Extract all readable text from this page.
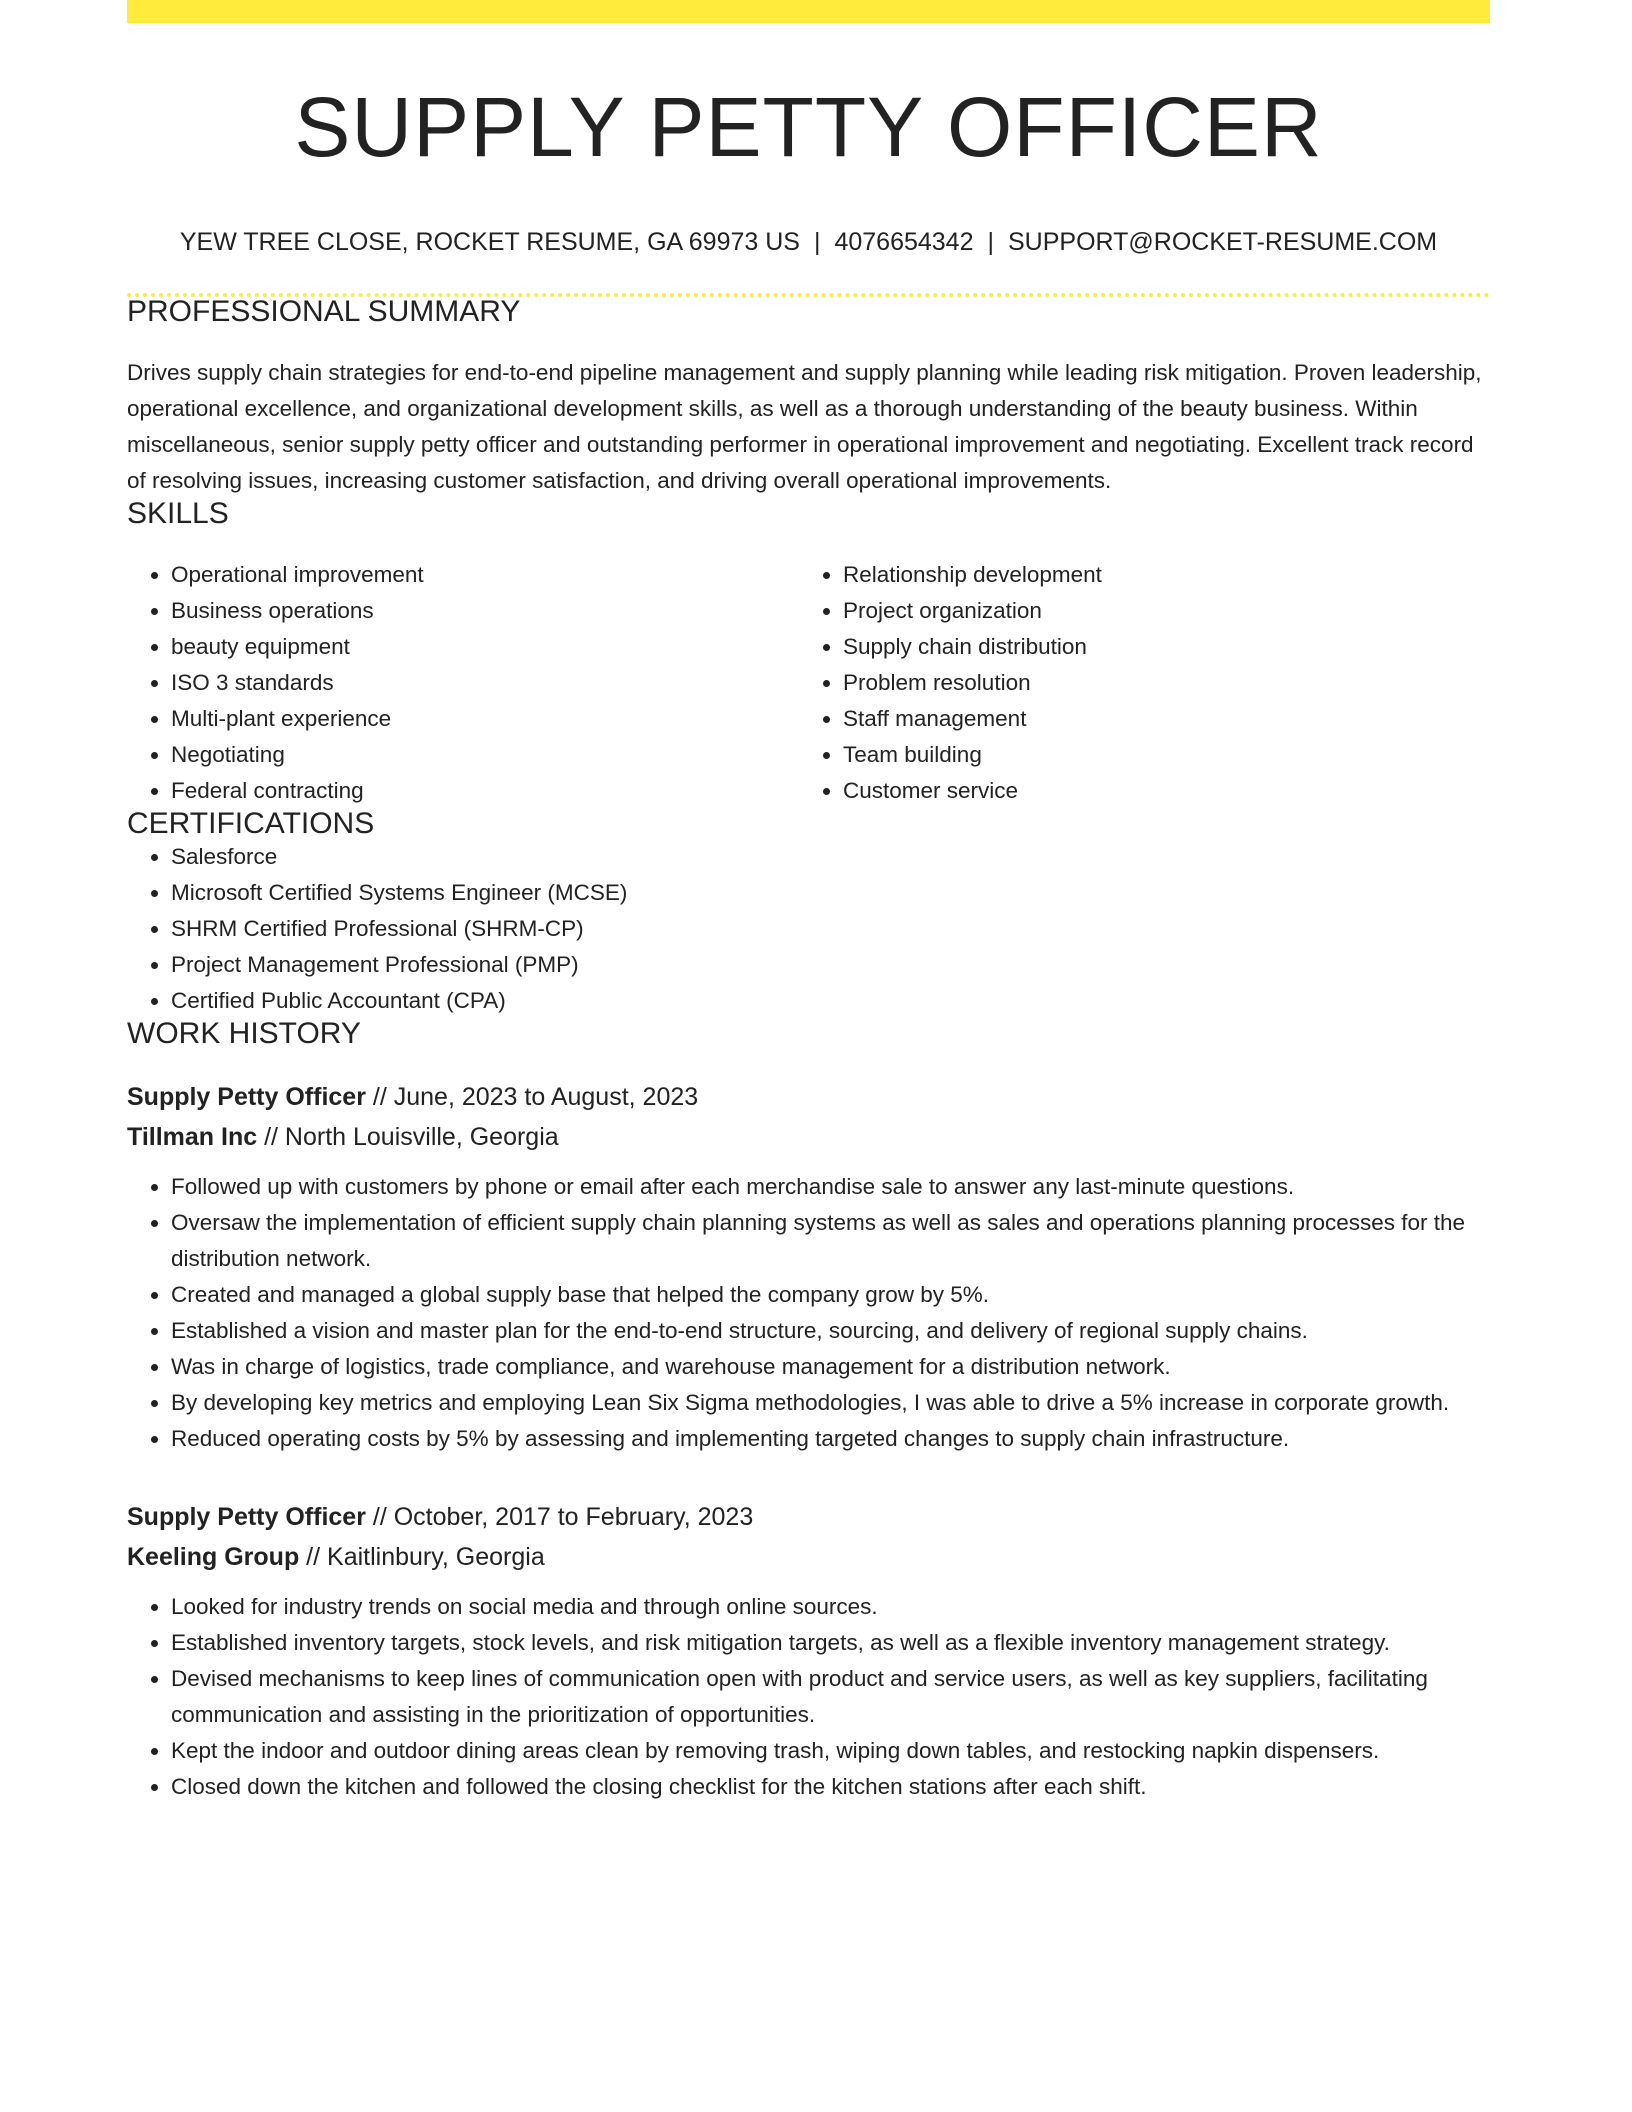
SUPPLY PETTY OFFICER
YEW TREE CLOSE, ROCKET RESUME, GA 69973 US | 4076654342 | SUPPORT@ROCKET-RESUME.COM
PROFESSIONAL SUMMARY
Drives supply chain strategies for end-to-end pipeline management and supply planning while leading risk mitigation. Proven leadership, operational excellence, and organizational development skills, as well as a thorough understanding of the beauty business. Within miscellaneous, senior supply petty officer and outstanding performer in operational improvement and negotiating. Excellent track record of resolving issues, increasing customer satisfaction, and driving overall operational improvements.
SKILLS
• Operational improvement
• Business operations
• beauty equipment
• ISO 3 standards
• Multi-plant experience
• Negotiating
• Federal contracting
• Relationship development
• Project organization
• Supply chain distribution
• Problem resolution
• Staff management
• Team building
• Customer service
CERTIFICATIONS
• Salesforce
• Microsoft Certified Systems Engineer (MCSE)
• SHRM Certified Professional (SHRM-CP)
• Project Management Professional (PMP)
• Certified Public Accountant (CPA)
WORK HISTORY
Supply Petty Officer // June, 2023 to August, 2023
Tillman Inc // North Louisville, Georgia
• Followed up with customers by phone or email after each merchandise sale to answer any last-minute questions.
• Oversaw the implementation of efficient supply chain planning systems as well as sales and operations planning processes for the distribution network.
• Created and managed a global supply base that helped the company grow by 5%.
• Established a vision and master plan for the end-to-end structure, sourcing, and delivery of regional supply chains.
• Was in charge of logistics, trade compliance, and warehouse management for a distribution network.
• By developing key metrics and employing Lean Six Sigma methodologies, I was able to drive a 5% increase in corporate growth.
• Reduced operating costs by 5% by assessing and implementing targeted changes to supply chain infrastructure.
Supply Petty Officer // October, 2017 to February, 2023
Keeling Group // Kaitlinbury, Georgia
• Looked for industry trends on social media and through online sources.
• Established inventory targets, stock levels, and risk mitigation targets, as well as a flexible inventory management strategy.
• Devised mechanisms to keep lines of communication open with product and service users, as well as key suppliers, facilitating communication and assisting in the prioritization of opportunities.
• Kept the indoor and outdoor dining areas clean by removing trash, wiping down tables, and restocking napkin dispensers.
• Closed down the kitchen and followed the closing checklist for the kitchen stations after each shift.
